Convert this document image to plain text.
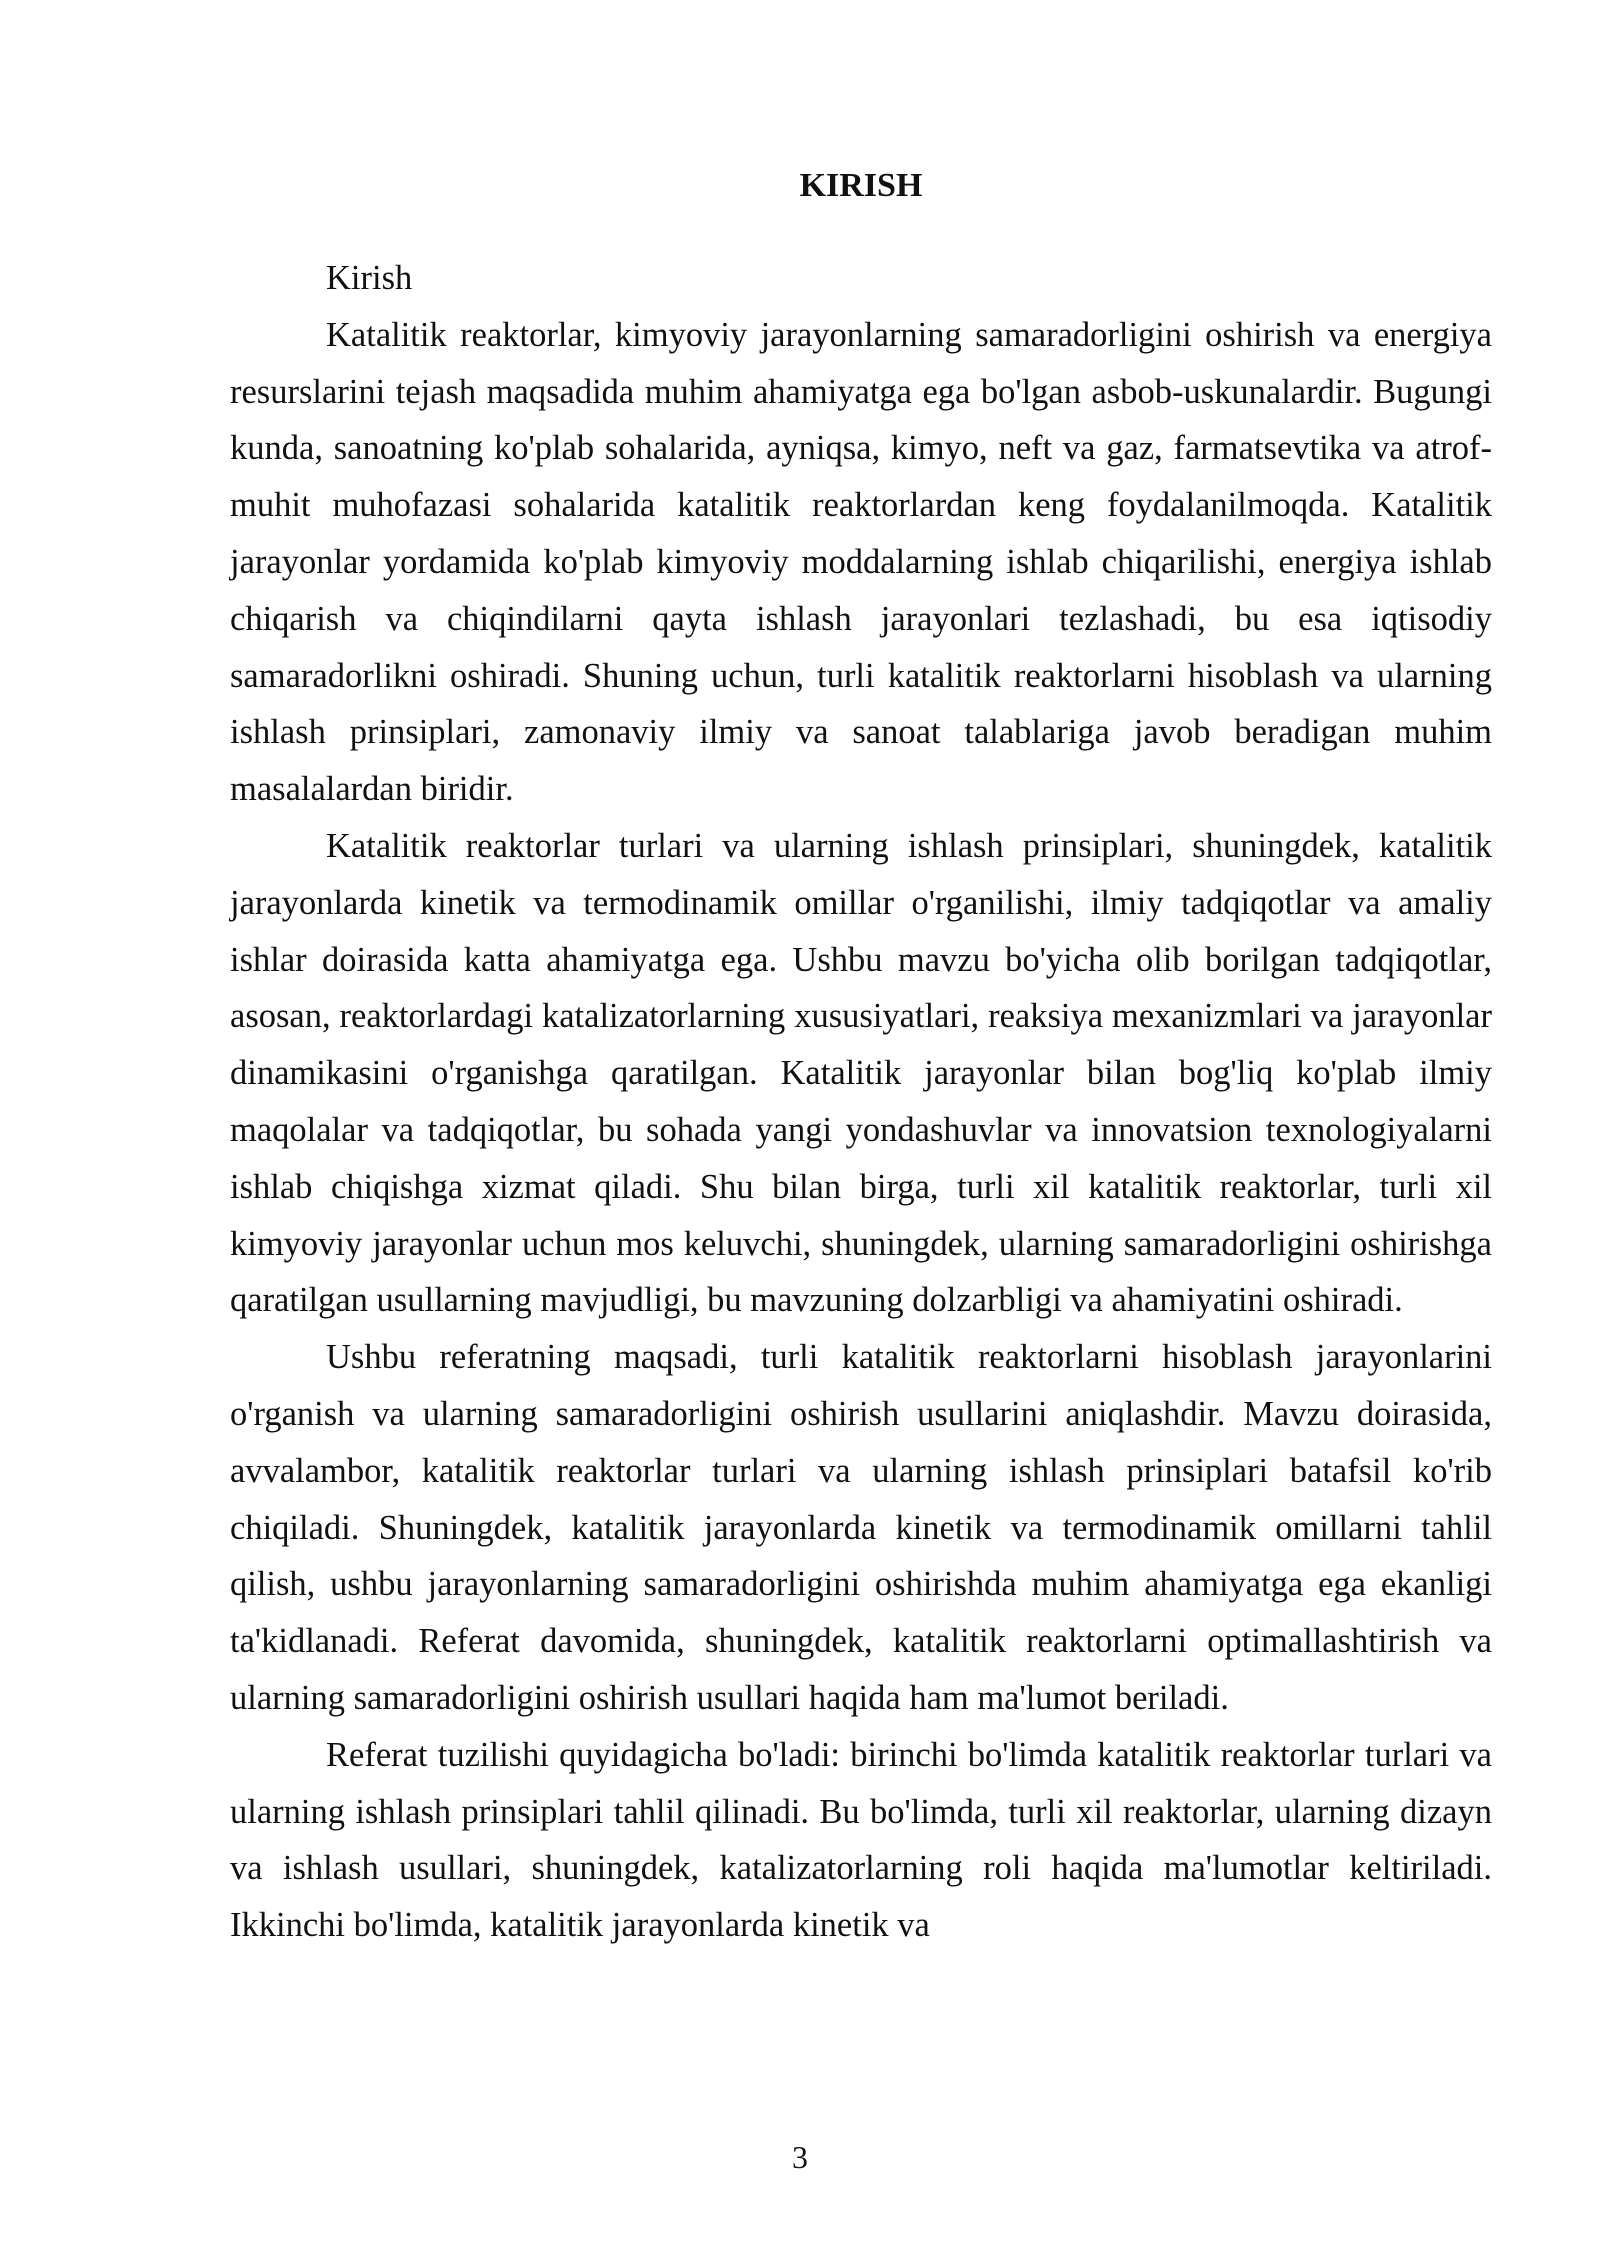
KIRISH

Kirish

Katalitik reaktorlar, kimyoviy jarayonlarning samaradorligini oshirish va energiya resurslarini tejash maqsadida muhim ahamiyatga ega bo'lgan asbob-uskunalardir. Bugungi kunda, sanoatning ko'plab sohalarida, ayniqsa, kimyo, neft va gaz, farmatsevtika va atrof-muhit muhofazasi sohalarida katalitik reaktorlardan keng foydalanilmoqda. Katalitik jarayonlar yordamida ko'plab kimyoviy moddalarning ishlab chiqarilishi, energiya ishlab chiqarish va chiqindilarni qayta ishlash jarayonlari tezlashadi, bu esa iqtisodiy samaradorlikni oshiradi. Shuning uchun, turli katalitik reaktorlarni hisoblash va ularning ishlash prinsiplari, zamonaviy ilmiy va sanoat talablariga javob beradigan muhim masalalardan biridir.

Katalitik reaktorlar turlari va ularning ishlash prinsiplari, shuningdek, katalitik jarayonlarda kinetik va termodinamik omillar o'rganilishi, ilmiy tadqiqotlar va amaliy ishlar doirasida katta ahamiyatga ega. Ushbu mavzu bo'yicha olib borilgan tadqiqotlar, asosan, reaktorlardagi katalizatorlarning xususiyatlari, reaksiya mexanizmlari va jarayonlar dinamikasini o'rganishga qaratilgan. Katalitik jarayonlar bilan bog'liq ko'plab ilmiy maqolalar va tadqiqotlar, bu sohada yangi yondashuvlar va innovatsion texnologiyalarni ishlab chiqishga xizmat qiladi. Shu bilan birga, turli xil katalitik reaktorlar, turli xil kimyoviy jarayonlar uchun mos keluvchi, shuningdek, ularning samaradorligini oshirishga qaratilgan usullarning mavjudligi, bu mavzuning dolzarbligi va ahamiyatini oshiradi.

Ushbu referatning maqsadi, turli katalitik reaktorlarni hisoblash jarayonlarini o'rganish va ularning samaradorligini oshirish usullarini aniqlashdir. Mavzu doirasida, avvalambor, katalitik reaktorlar turlari va ularning ishlash prinsiplari batafsil ko'rib chiqiladi. Shuningdek, katalitik jarayonlarda kinetik va termodinamik omillarni tahlil qilish, ushbu jarayonlarning samaradorligini oshirishda muhim ahamiyatga ega ekanligi ta'kidlanadi. Referat davomida, shuningdek, katalitik reaktorlarni optimallashtirish va ularning samaradorligini oshirish usullari haqida ham ma'lumot beriladi.

Referat tuzilishi quyidagicha bo'ladi: birinchi bo'limda katalitik reaktorlar turlari va ularning ishlash prinsiplari tahlil qilinadi. Bu bo'limda, turli xil reaktorlar, ularning dizayn va ishlash usullari, shuningdek, katalizatorlarning roli haqida ma'lumotlar keltiriladi. Ikkinchi bo'limda, katalitik jarayonlarda kinetik va

3
